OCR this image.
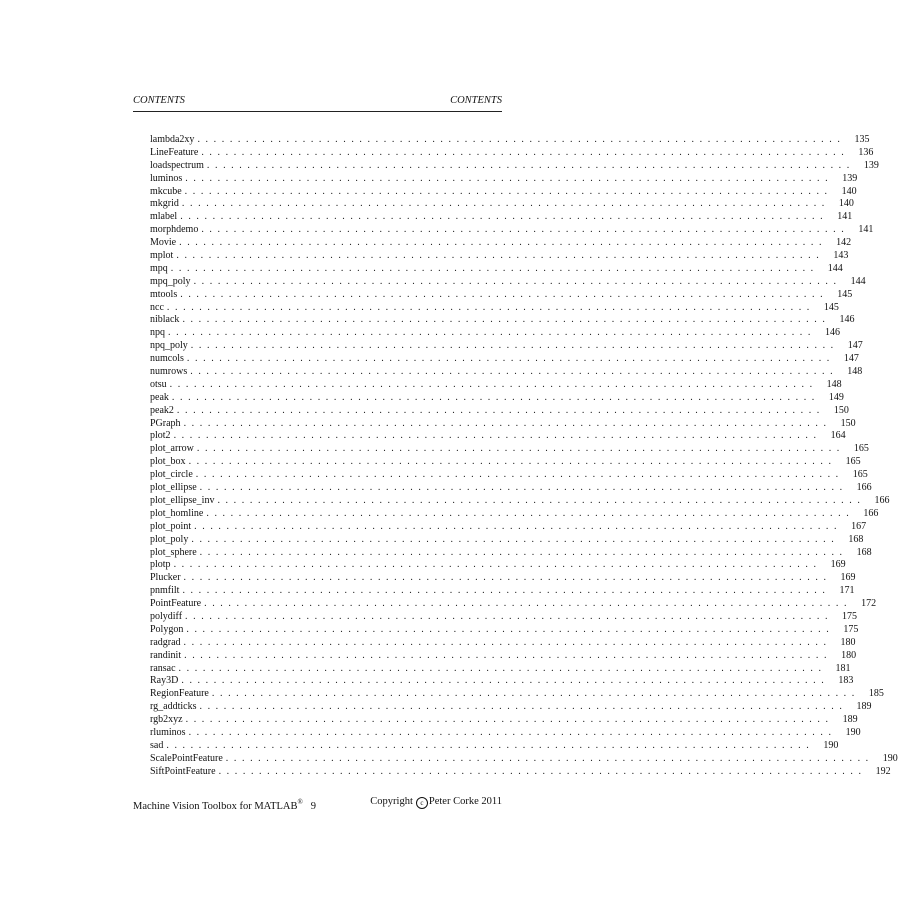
CONTENTS	CONTENTS
lambda2xy ................................................................................ 135
LineFeature ................................................................................ 136
loadspectrum ................................................................................ 139
luminos ................................................................................ 139
mkcube ................................................................................ 140
mkgrid ................................................................................ 140
mlabel ................................................................................ 141
morphdemo ................................................................................ 141
Movie ................................................................................ 142
mplot ................................................................................ 143
mpq ................................................................................ 144
mpq_poly ................................................................................ 144
mtools ................................................................................ 145
ncc ................................................................................ 145
niblack ................................................................................ 146
npq ................................................................................ 146
npq_poly ................................................................................ 147
numcols ................................................................................ 147
numrows ................................................................................ 148
otsu ................................................................................ 148
peak ................................................................................ 149
peak2 ................................................................................ 150
PGraph ................................................................................ 150
plot2 ................................................................................ 164
plot_arrow ................................................................................ 165
plot_box ................................................................................ 165
plot_circle ................................................................................ 165
plot_ellipse ................................................................................ 166
plot_ellipse_inv ................................................................................ 166
plot_homline ................................................................................ 166
plot_point ................................................................................ 167
plot_poly ................................................................................ 168
plot_sphere ................................................................................ 168
plotp ................................................................................ 169
Plucker ................................................................................ 169
pnmfilt ................................................................................ 171
PointFeature ................................................................................ 172
polydiff ................................................................................ 175
Polygon ................................................................................ 175
radgrad ................................................................................ 180
randinit ................................................................................ 180
ransac ................................................................................ 181
Ray3D ................................................................................ 183
RegionFeature ................................................................................ 185
rg_addticks ................................................................................ 189
rgb2xyz ................................................................................ 189
rluminos ................................................................................ 190
sad ................................................................................ 190
ScalePointFeature ................................................................................ 190
SiftPointFeature ................................................................................ 192
Machine Vision Toolbox for MATLAB® 9	Copyright c Peter Corke 2011
